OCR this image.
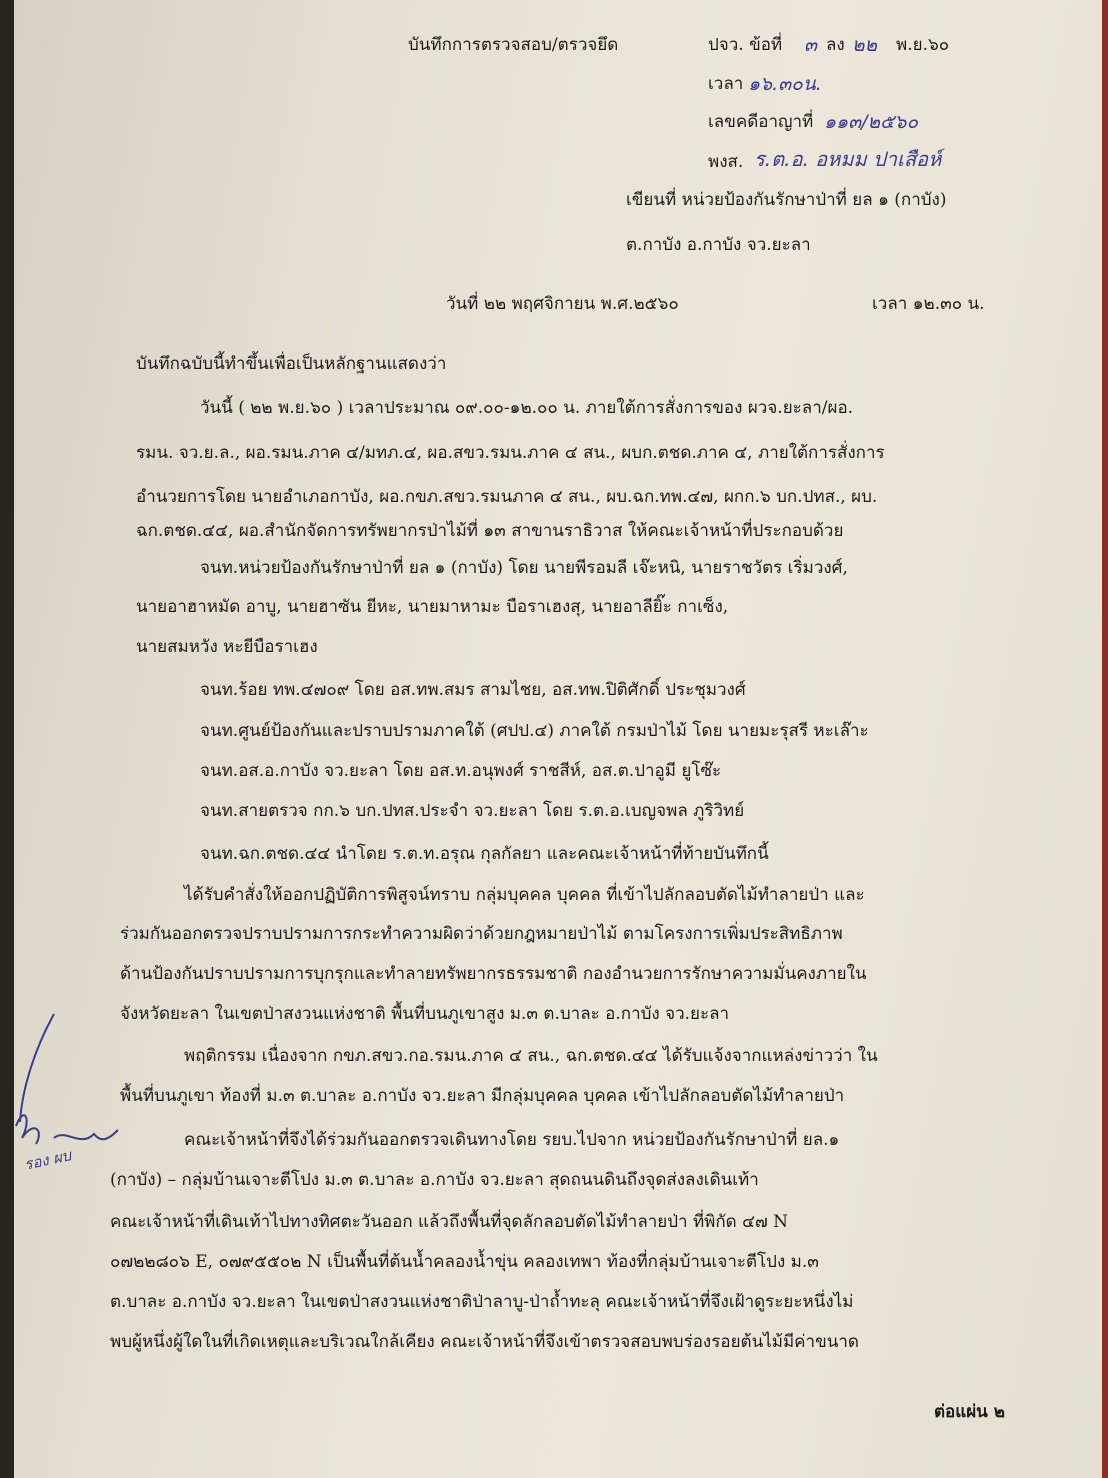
บันทึกการตรวจสอบ/ตรวจยึด	ปจว. ข้อที่ ๓ ลง ๒๒ พ.ย.๖๐
เวลา ๑๖.๓๐น.
เลขคดีอาญาที่ ๑๑๓/๒๕๖๐
พงส. ร.ต.อ. อหมม ปาเสือห์
เขียนที่ หน่วยป้องกันรักษาป่าที่ ยล ๑ (กาบัง)
ต.กาบัง อ.กาบัง จว.ยะลา
วันที่ ๒๒ พฤศจิกายน พ.ศ.๒๕๖๐	เวลา ๑๒.๓๐ น.
บันทึกฉบับนี้ทำขึ้นเพื่อเป็นหลักฐานแสดงว่า
วันนี้ ( ๒๒ พ.ย.๖๐ ) เวลาประมาณ ๐๙.๐๐-๑๒.๐๐ น. ภายใต้การสั่งการของ ผวจ.ยะลา/ผอ.
รมน. จว.ย.ล., ผอ.รมน.ภาค ๔/มทภ.๔, ผอ.สขว.รมน.ภาค ๔ สน., ผบก.ตชด.ภาค ๔, ภายใต้การสั่งการ
อำนวยการโดย นายอำเภอกาบัง, ผอ.กขภ.สขว.รมนภาค ๔ สน., ผบ.ฉก.ทพ.๔๗, ผกก.๖ บก.ปทส., ผบ.
ฉก.ตชด.๔๔, ผอ.สำนักจัดการทรัพยากรป่าไม้ที่ ๑๓ สาขานราธิวาส ให้คณะเจ้าหน้าที่ประกอบด้วย
จนท.หน่วยป้องกันรักษาป่าที่ ยล ๑ (กาบัง) โดย นายพีรอมลี เจ๊ะหนิ, นายราชวัตร เริ่มวงศ์,
นายอาฮาหมัด อาบู, นายฮาซัน ยีหะ, นายมาหามะ บือราเฮงสุ, นายอาลียิ๊ะ กาเซ็ง,
นายสมหวัง หะยีบือราเฮง
จนท.ร้อย ทพ.๔๗๐๙ โดย อส.ทพ.สมร สามไชย, อส.ทพ.ปิติศักดิ์ ประชุมวงศ์
จนท.ศูนย์ป้องกันและปราบปรามภาคใต้ (ศปป.๔) ภาคใต้ กรมป่าไม้ โดย นายมะรุสรี หะเล๊าะ
จนท.อส.อ.กาบัง จว.ยะลา โดย อส.ท.อนุพงศ์ ราชสีห์, อส.ต.ปาอูมี ยูโซ๊ะ
จนท.สายตรวจ กก.๖ บก.ปทส.ประจำ จว.ยะลา โดย ร.ต.อ.เบญจพล ภูริวิทย์
จนท.ฉก.ตชด.๔๔ นำโดย ร.ต.ท.อรุณ กุลกัลยา และคณะเจ้าหน้าที่ท้ายบันทึกนี้
ได้รับคำสั่งให้ออกปฏิบัติการพิสูจน์ทราบ กลุ่มบุคคล บุคคล ที่เข้าไปลักลอบตัดไม้ทำลายป่า และ
ร่วมกันออกตรวจปราบปรามการกระทำความผิดว่าด้วยกฎหมายป่าไม้ ตามโครงการเพิ่มประสิทธิภาพ
ด้านป้องกันปราบปรามการบุกรุกและทำลายทรัพยากรธรรมชาติ กองอำนวยการรักษาความมั่นคงภายใน
จังหวัดยะลา ในเขตป่าสงวนแห่งชาติ พื้นที่บนภูเขาสูง ม.๓ ต.บาละ อ.กาบัง จว.ยะลา
พฤติกรรม เนื่องจาก กขภ.สขว.กอ.รมน.ภาค ๔ สน., ฉก.ตชด.๔๔ ได้รับแจ้งจากแหล่งข่าวว่า ใน
พื้นที่บนภูเขา ท้องที่ ม.๓ ต.บาละ อ.กาบัง จว.ยะลา มีกลุ่มบุคคล บุคคล เข้าไปลักลอบตัดไม้ทำลายป่า
คณะเจ้าหน้าที่จึงได้ร่วมกันออกตรวจเดินทางโดย รยบ.ไปจาก หน่วยป้องกันรักษาป่าที่ ยล.๑
(กาบัง) – กลุ่มบ้านเจาะตีโปง ม.๓ ต.บาละ อ.กาบัง จว.ยะลา สุดถนนดินถึงจุดส่งลงเดินเท้า
คณะเจ้าหน้าที่เดินเท้าไปทางทิศตะวันออก แล้วถึงพื้นที่จุดลักลอบตัดไม้ทำลายป่า ที่พิกัด ๔๗ N
๐๗๒๒๘๐๖ E, ๐๗๙๕๕๐๒ N เป็นพื้นที่ต้นน้ำคลองน้ำขุ่น คลองเทพา ท้องที่กลุ่มบ้านเจาะตีโปง ม.๓
ต.บาละ อ.กาบัง จว.ยะลา ในเขตป่าสงวนแห่งชาติป่าลาบู-ป่าถ้ำทะลุ คณะเจ้าหน้าที่จึงเฝ้าดูระยะหนึ่งไม่
พบผู้หนึ่งผู้ใดในที่เกิดเหตุและบริเวณใกล้เคียง คณะเจ้าหน้าที่จึงเข้าตรวจสอบพบร่องรอยต้นไม้มีค่าขนาด
ต่อแผ่น ๒
รอง ผบ
